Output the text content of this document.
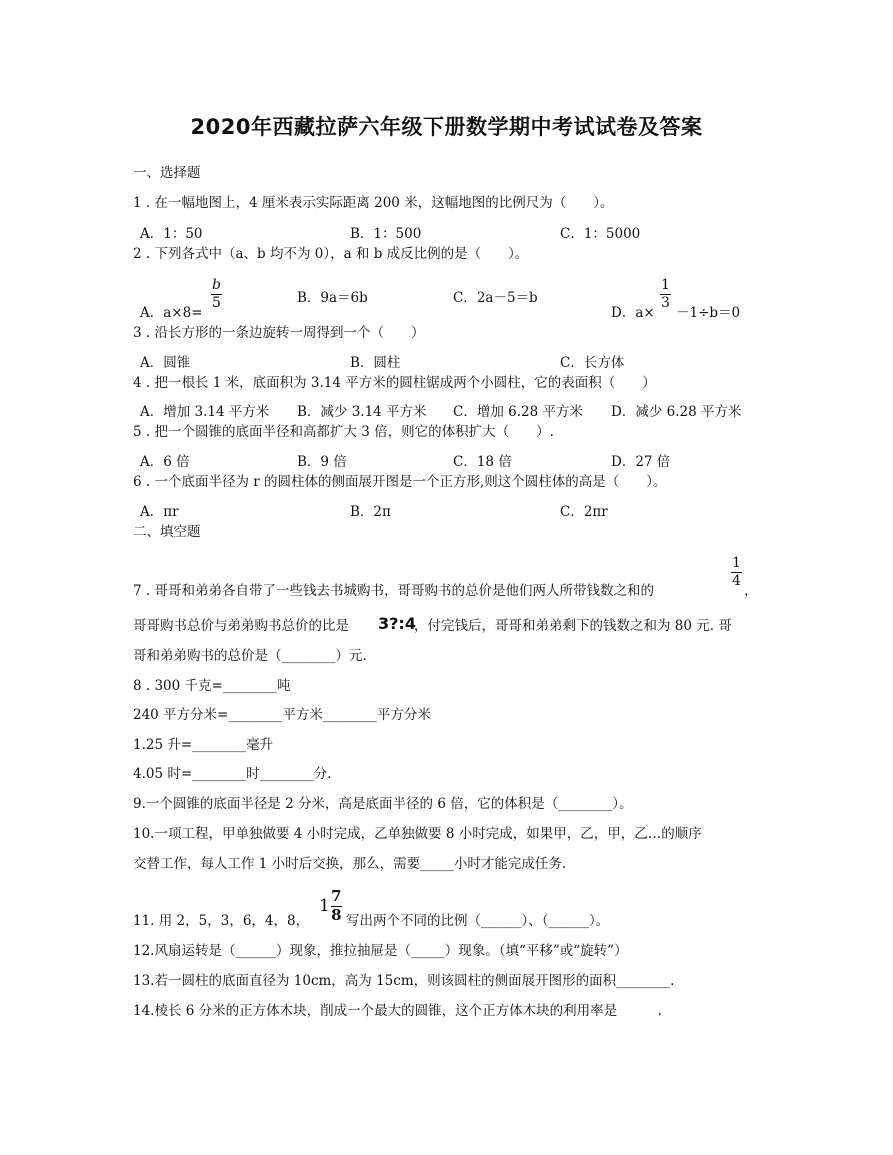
2020年西藏拉萨六年级下册数学期中考试试卷及答案
一、选择题
1 . 在一幅地图上，4 厘米表示实际距离 200 米，这幅地图的比例尺为（　　）。
A．1：50	B．1：500	C．1：5000
2 . 下列各式中（a、b 均不为 0），a 和 b 成反比例的是（　　）。
A．a×8=
b
5	B．9a＝6b	C．2a－5＝b
D．a×
1
3
－1÷b＝0
3 . 沿长方形的一条边旋转一周得到一个（　　）
A．圆锥	B．圆柱	C．长方体
4 . 把一根长 1 米，底面积为 3.14 平方米的圆柱锯成两个小圆柱，它的表面积（　　）
A．增加 3.14 平方米 B．减少 3.14 平方米 C．增加 6.28 平方米 D．减少 6.28 平方米
5 . 把一个圆锥的底面半径和高都扩大 3 倍，则它的体积扩大（　　）.
A．6 倍	B．9 倍	C．18 倍	D．27 倍
6 . 一个底面半径为 r 的圆柱体的侧面展开图是一个正方形,则这个圆柱体的高是（　　）。
A．πr	B．2π	C．2πr
二、填空题
7 . 哥哥和弟弟各自带了一些钱去书城购书，哥哥购书的总价是他们两人所带钱数之和的
1
4
，
哥哥购书总价与弟弟购书总价的比是 3?:4
，付完钱后，哥哥和弟弟剩下的钱数之和为 80 元. 哥
哥和弟弟购书的总价是（________）元.
8 . 300 千克=________吨
240 平方分米=________平方米________平方分米
1.25 升=________毫升
4.05 时=________时________分.
9.一个圆锥的底面半径是 2 分米，高是底面半径的 6 倍，它的体积是（________）。
10.一项工程，甲单独做要 4 小时完成，乙单独做要 8 小时完成，如果甲，乙，甲，乙…的顺序
交替工作，每人工作 1 小时后交换，那么，需要_____小时才能完成任务.
11. 用 2，5，3，6，4，8，
1 7
8 写出两个不同的比例（______）、（______）。
12.风扇运转是（______）现象，推拉抽屉是（_____）现象。（填“平移”或“旋转”）
13.若一圆柱的底面直径为 10cm，高为 15cm，则该圆柱的侧面展开图形的面积________.
14.棱长 6 分米的正方体木块，削成一个最大的圆锥，这个正方体木块的利用率是　　　.
